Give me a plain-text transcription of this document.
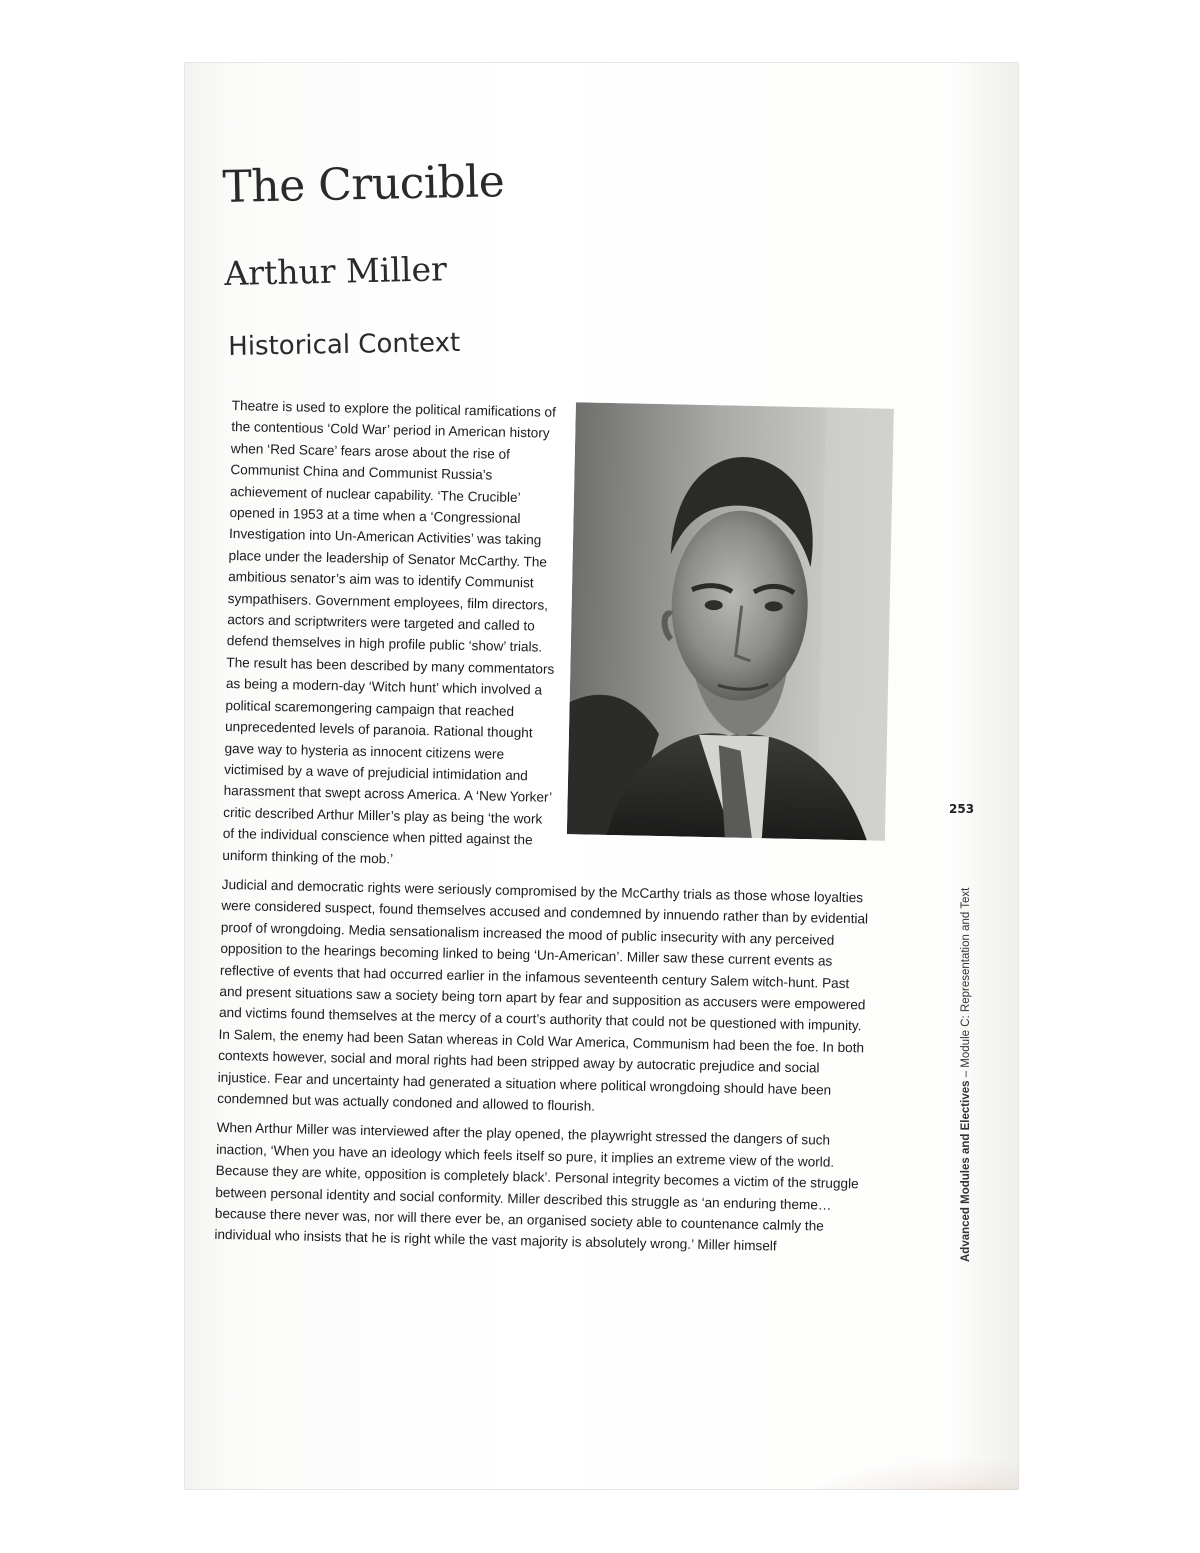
The Crucible
Arthur Miller
Historical Context

Theatre is used to explore the political ramifications of the contentious ‘Cold War’ period in American history when ‘Red Scare’ fears arose about the rise of Communist China and Communist Russia’s achievement of nuclear capability. ‘The Crucible’ opened in 1953 at a time when a ‘Congressional Investigation into Un-American Activities’ was taking place under the leadership of Senator McCarthy. The ambitious senator’s aim was to identify Communist sympathisers. Government employees, film directors, actors and scriptwriters were targeted and called to defend themselves in high profile public ‘show’ trials. The result has been described by many commentators as being a modern-day ‘Witch hunt’ which involved a political scaremongering campaign that reached unprecedented levels of paranoia. Rational thought gave way to hysteria as innocent citizens were victimised by a wave of prejudicial intimidation and harassment that swept across America. A ‘New Yorker’ critic described Arthur Miller’s play as being ‘the work of the individual conscience when pitted against the uniform thinking of the mob.’

Judicial and democratic rights were seriously compromised by the McCarthy trials as those whose loyalties were considered suspect, found themselves accused and condemned by innuendo rather than by evidential proof of wrongdoing. Media sensationalism increased the mood of public insecurity with any perceived opposition to the hearings becoming linked to being ‘Un-American’. Miller saw these current events as reflective of events that had occurred earlier in the infamous seventeenth century Salem witch-hunt. Past and present situations saw a society being torn apart by fear and supposition as accusers were empowered and victims found themselves at the mercy of a court’s authority that could not be questioned with impunity. In Salem, the enemy had been Satan whereas in Cold War America, Communism had been the foe. In both contexts however, social and moral rights had been stripped away by autocratic prejudice and social injustice. Fear and uncertainty had generated a situation where political wrongdoing should have been condemned but was actually condoned and allowed to flourish.

When Arthur Miller was interviewed after the play opened, the playwright stressed the dangers of such inaction, ‘When you have an ideology which feels itself so pure, it implies an extreme view of the world. Because they are white, opposition is completely black’. Personal integrity becomes a victim of the struggle between personal identity and social conformity. Miller described this struggle as ‘an enduring theme…because there never was, nor will there ever be, an organised society able to countenance calmly the individual who insists that he is right while the vast majority is absolutely wrong.’ Miller himself

253
Advanced Modules and Electives – Module C: Representation and Text
